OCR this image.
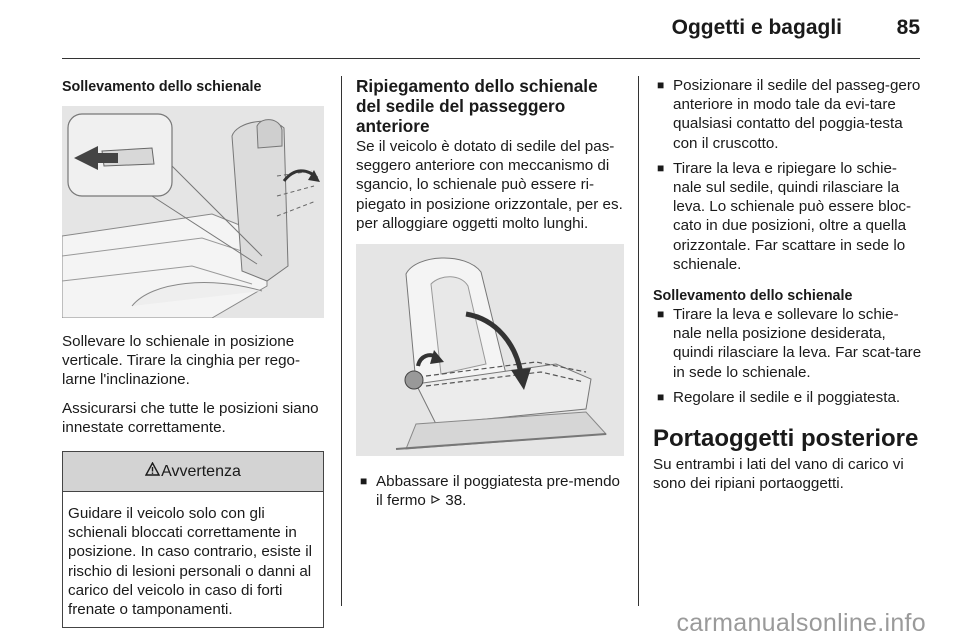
Oggetti e bagagli	85
Sollevamento dello schienale

Sollevare lo schienale in posizione verticale. Tirare la cinghia per rego-larne l'inclinazione.

Assicurarsi che tutte le posizioni siano innestate correttamente.

Avvertenza
Guidare il veicolo solo con gli schienali bloccati correttamente in posizione. In caso contrario, esiste il rischio di lesioni personali o danni al carico del veicolo in caso di forti frenate o tamponamenti.
Ripiegamento dello schienale del sedile del passeggero anteriore

Se il veicolo è dotato di sedile del pas-seggero anteriore con meccanismo di sgancio, lo schienale può essere ri-piegato in posizione orizzontale, per es. per alloggiare oggetti molto lunghi.

■ Abbassare il poggiatesta pre-mendo il fermo 38.
■ Posizionare il sedile del passeg-gero anteriore in modo tale da evi-tare qualsiasi contatto del poggia-testa con il cruscotto.
■ Tirare la leva e ripiegare lo schie-nale sul sedile, quindi rilasciare la leva. Lo schienale può essere bloc-cato in due posizioni, oltre a quella orizzontale. Far scattare in sede lo schienale.
Sollevamento dello schienale
■ Tirare la leva e sollevare lo schie-nale nella posizione desiderata, quindi rilasciare la leva. Far scat-tare in sede lo schienale.
■ Regolare il sedile e il poggiatesta.
Portaoggetti posteriore

Su entrambi i lati del vano di carico vi sono dei ripiani portaoggetti.

carmanualsonline.info
